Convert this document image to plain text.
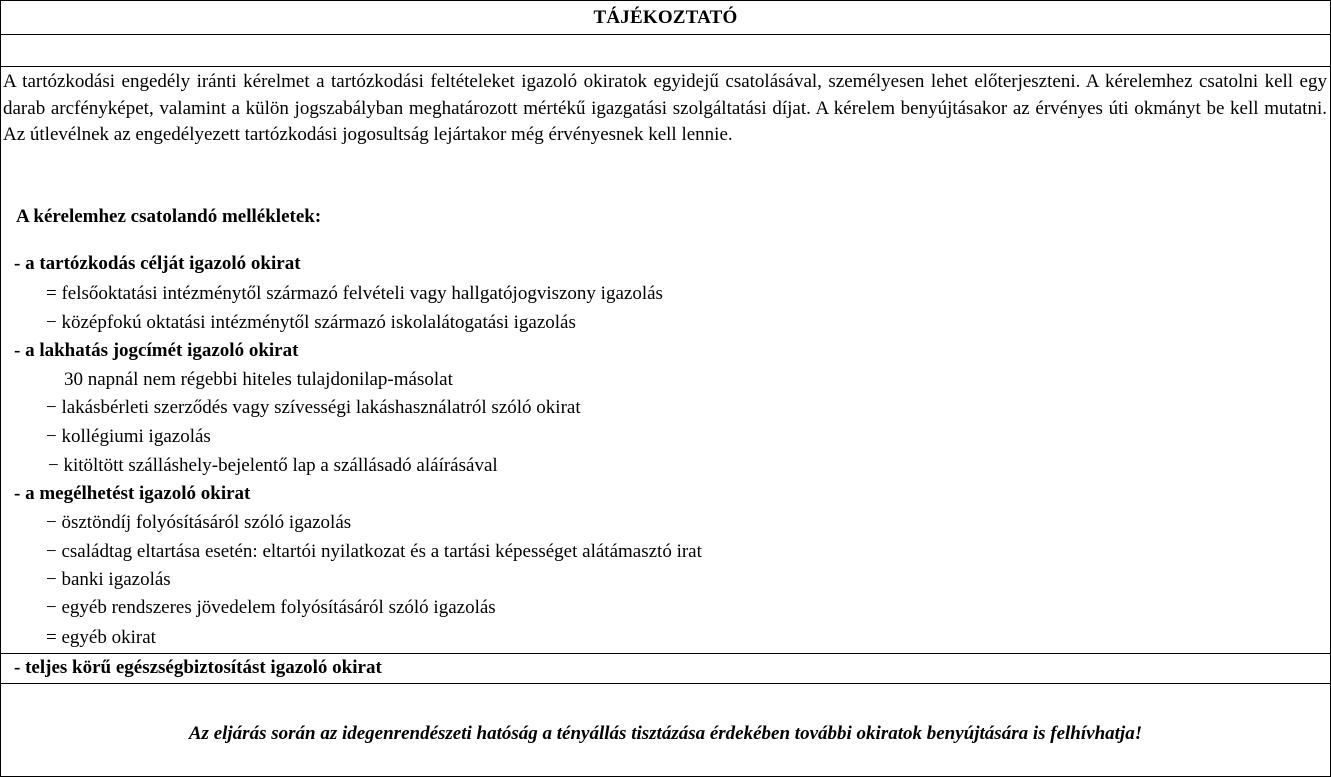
TÁJÉKOZTATÓ
A tartózkodási engedély iránti kérelmet a tartózkodási feltételeket igazoló okiratok egyidejű csatolásával, személyesen lehet előterjeszteni. A kérelemhez csatolni kell egy darab arcfényképet, valamint a külön jogszabályban meghatározott mértékű igazgatási szolgáltatási díjat. A kérelem benyújtásakor az érvényes úti okmányt be kell mutatni. Az útlevélnek az engedélyezett tartózkodási jogosultság lejártakor még érvényesnek kell lennie.
A kérelemhez csatolandó mellékletek:
- a tartózkodás célját igazoló okirat
= felsőoktatási intézménytől származó felvételi vagy hallgatójogviszony igazolás
− középfokú oktatási intézménytől származó iskolalátogatási igazolás
- a lakhatás jogcímét igazoló okirat
30 napnál nem régebbi hiteles tulajdonilap-másolat
− lakásbérleti szerződés vagy szívességi lakáshasználatról szóló okirat
− kollégiumi igazolás
− kitöltött szálláshely-bejelentő lap a szállásadó aláírásával
- a megélhetést igazoló okirat
− ösztöndíj folyósításáról szóló igazolás
− családtag eltartása esetén: eltartói nyilatkozat és a tartási képességet alátámasztó irat
− banki igazolás
− egyéb rendszeres jövedelem folyósításáról szóló igazolás
= egyéb okirat
- teljes körű egészségbiztosítást igazoló okirat
Az eljárás során az idegenrendészeti hatóság a tényállás tisztázása érdekében további okiratok benyújtására is felhívhatja!
